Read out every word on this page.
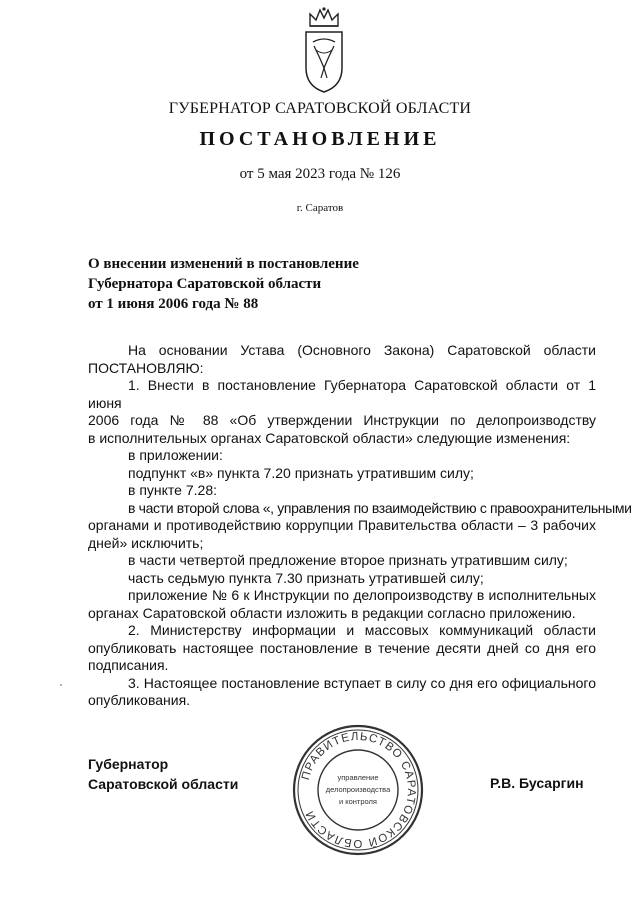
ГУБЕРНАТОР САРАТОВСКОЙ ОБЛАСТИ
ПОСТАНОВЛЕНИЕ
от 5 мая 2023 года № 126
г. Саратов
О внесении изменений в постановление
Губернатора Саратовской области
от 1 июня 2006 года № 88

На основании Устава (Основного Закона) Саратовской области

ПОСТАНОВЛЯЮ:

1. Внести в постановление Губернатора Саратовской области от 1 июня

2006 года № 88 «Об утверждении Инструкции по делопроизводству

в исполнительных органах Саратовской области» следующие изменения:

в приложении:

подпункт «в» пункта 7.20 признать утратившим силу;

в пункте 7.28:

в части второй слова «, управления по взаимодействию с правоохранительными

органами и противодействию коррупции Правительства области – 3 рабочих

дней» исключить;

в части четвертой предложение второе признать утратившим силу;

часть седьмую пункта 7.30 признать утратившей силу;

приложение № 6 к Инструкции по делопроизводству в исполнительных

органах Саратовской области изложить в редакции согласно приложению.

2. Министерству информации и массовых коммуникаций области

опубликовать настоящее постановление в течение десяти дней со дня его

подписания.

3. Настоящее постановление вступает в силу со дня его официального

опубликования.

Губернатор
Саратовской области
ПРАВИТЕЛЬСТВО САРАТОВСКОЙ ОБЛАСТИ
управление
делопроизводства
и контроля
Р.В. Бусаргин
